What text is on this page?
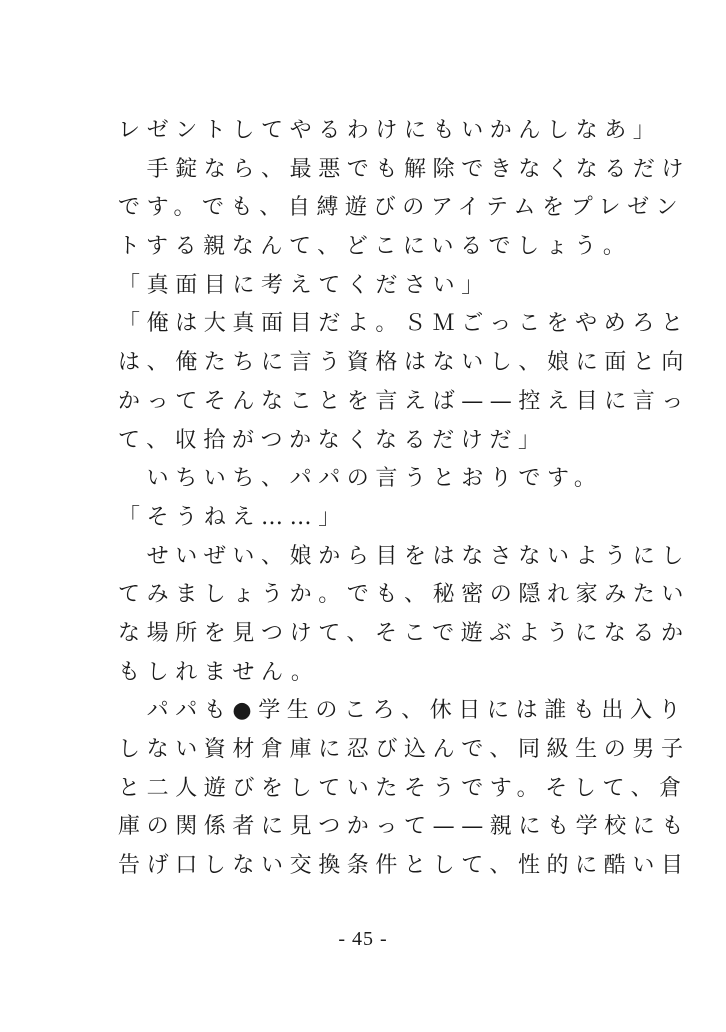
レゼントしてやるわけにもいかんしなあ」
　手錠なら、最悪でも解除できなくなるだけ
です。でも、自縛遊びのアイテムをプレゼン
トする親なんて、どこにいるでしょう。
「真面目に考えてください」
「俺は大真面目だよ。ＳＭごっこをやめろと
は、俺たちに言う資格はないし、娘に面と向
かってそんなことを言えば——控え目に言っ
て、収拾がつかなくなるだけだ」
　いちいち、パパの言うとおりです。
「そうねえ……」
　せいぜい、娘から目をはなさないようにし
てみましょうか。でも、秘密の隠れ家みたい
な場所を見つけて、そこで遊ぶようになるか
もしれません。
　パパも●学生のころ、休日には誰も出入り
しない資材倉庫に忍び込んで、同級生の男子
と二人遊びをしていたそうです。そして、倉
庫の関係者に見つかって——親にも学校にも
告げ口しない交換条件として、性的に酷い目
- 45 -
